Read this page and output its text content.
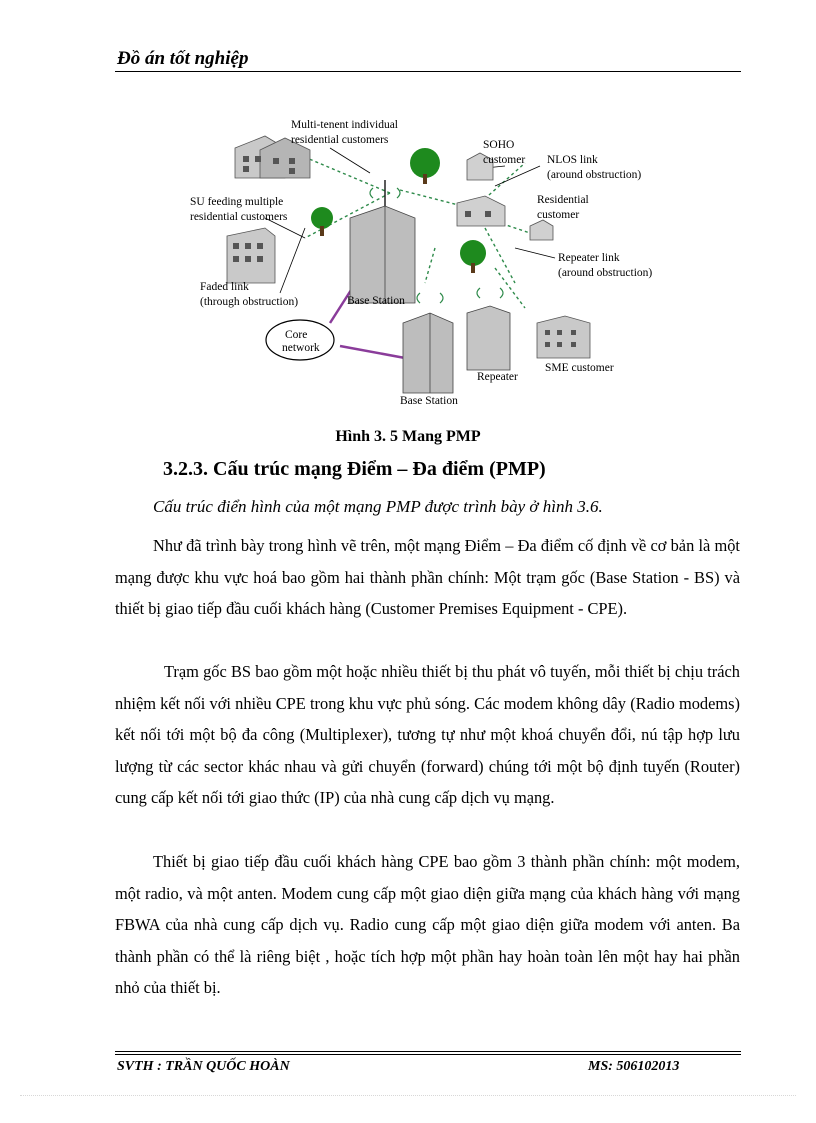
Đồ án tốt nghiệp
Multi-tenent individual
residential customers	SOHO
customer NLOS link
(around obstruction)
SU feeding multiple
residential customers
Residential
customer
Repeater link
(around obstruction)
Faded link
(through obstruction)	Base Station
Core
network
Repeater
SME customer
Base Station
Hình 3. 5 Mang PMP
3.2.3. Cấu trúc mạng Điểm – Đa điểm (PMP)
Cấu trúc điển hình của một mạng PMP được trình bày ở hình 3.6.

Như đã trình bày trong hình vẽ trên, một mạng Điểm – Đa điểm cố định về cơ bản là một mạng được khu vực hoá bao gồm hai thành phần chính: Một trạm gốc (Base Station - BS) và thiết bị giao tiếp đầu cuối khách hàng (Customer Premises Equipment - CPE).

Trạm gốc BS bao gồm một hoặc nhiều thiết bị thu phát vô tuyến, mỗi thiết bị chịu trách nhiệm kết nối với nhiều CPE trong khu vực phủ sóng. Các modem không dây (Radio modems) kết nối tới một bộ đa công (Multiplexer), tương tự như một khoá chuyển đổi, nú tập hợp lưu lượng từ các sector khác nhau và gửi chuyển (forward) chúng tới một bộ định tuyến (Router) cung cấp kết nối tới giao thức (IP) của nhà cung cấp dịch vụ mạng.

Thiết bị giao tiếp đầu cuối khách hàng CPE bao gồm 3 thành phần chính: một modem, một radio, và một anten. Modem cung cấp một giao diện giữa mạng của khách hàng với mạng FBWA của nhà cung cấp dịch vụ. Radio cung cấp một giao diện giữa modem với anten. Ba thành phần có thể là riêng biệt , hoặc tích hợp một phần hay hoàn toàn lên một hay hai phần nhỏ của thiết bị.

SVTH : TRẦN QUỐC HOÀN	MS: 506102013
